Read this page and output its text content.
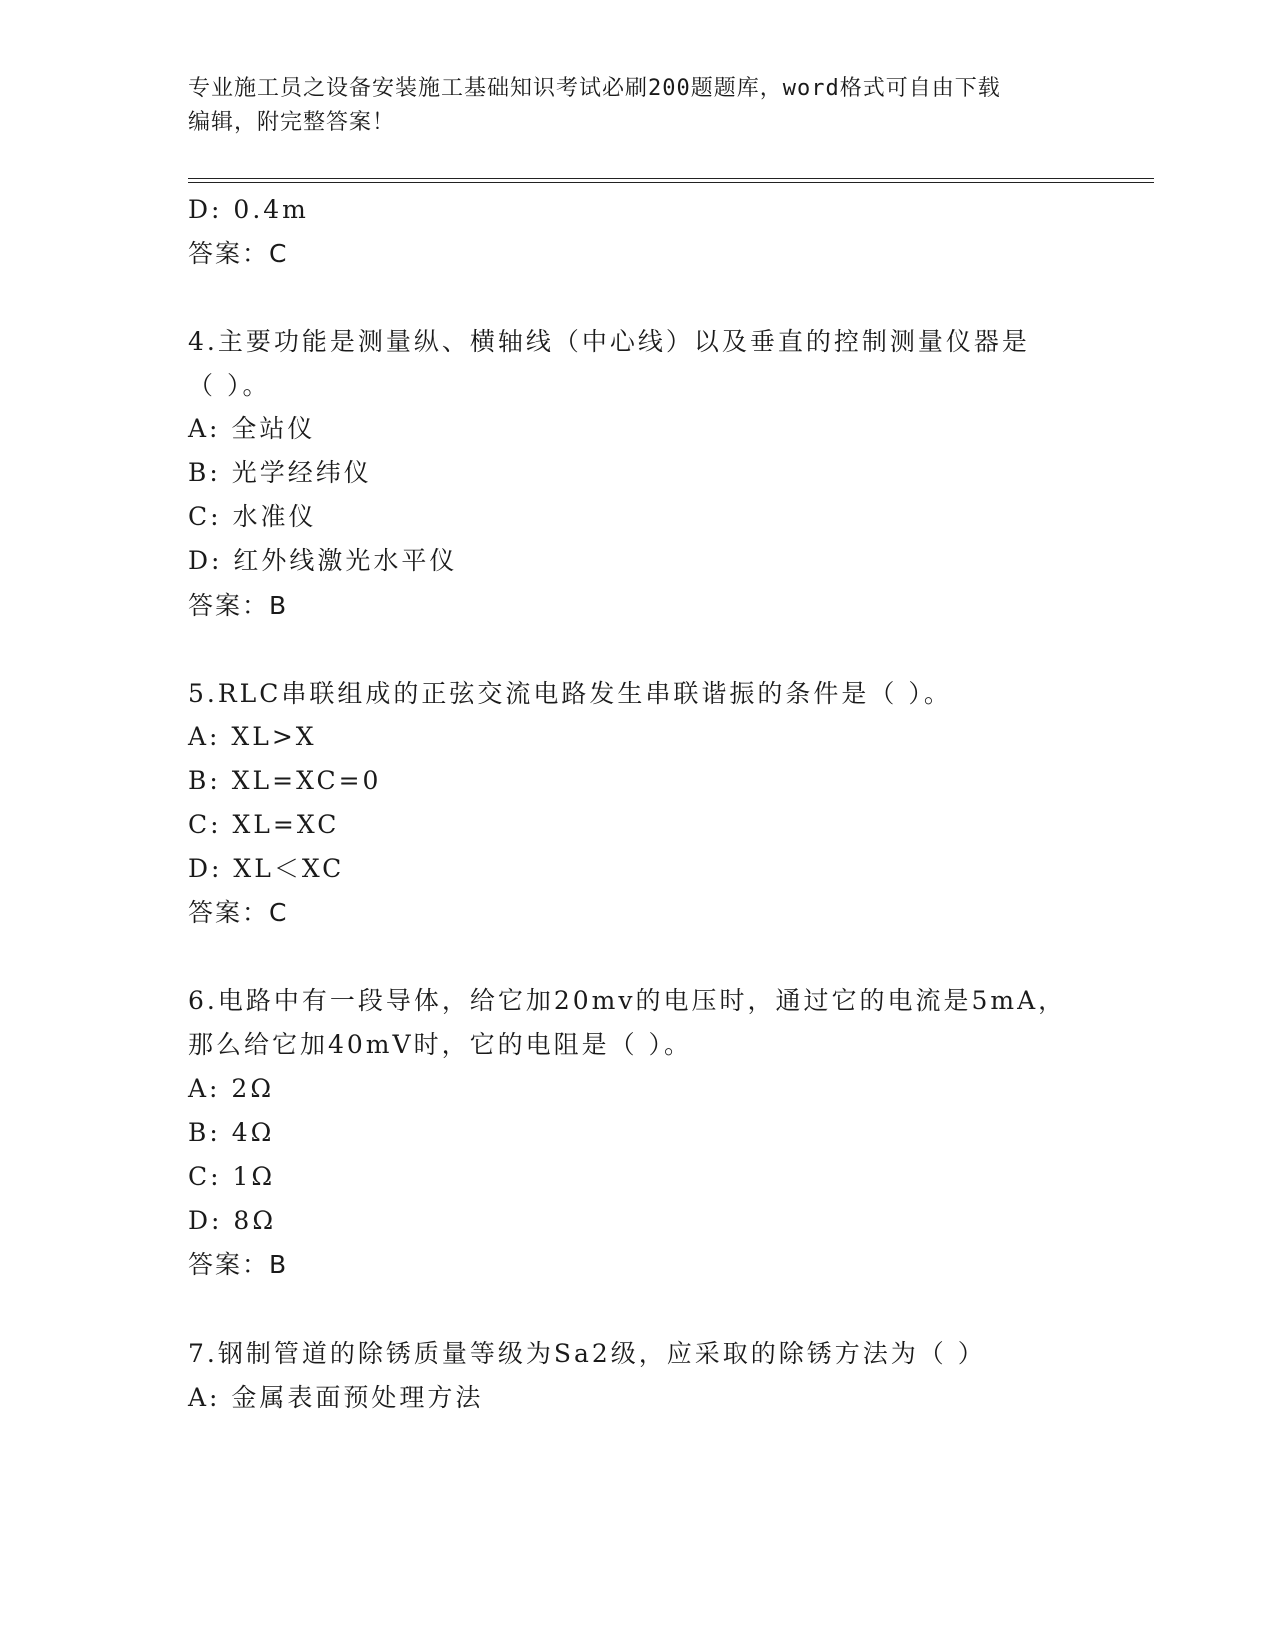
专业施工员之设备安装施工基础知识考试必刷200题题库，word格式可自由下载
编辑，附完整答案！
D: 0.4m
答案：C
4.主要功能是测量纵、横轴线（中心线）以及垂直的控制测量仪器是
（ ）。
A: 全站仪
B: 光学经纬仪
C: 水准仪
D: 红外线激光水平仪
答案：B
5.RLC串联组成的正弦交流电路发生串联谐振的条件是（ ）。
A: XL>X
B: XL=XC=0
C: XL=XC
D: XL＜XC
答案：C
6.电路中有一段导体，给它加20mv的电压时，通过它的电流是5mA，
那么给它加40mV时，它的电阻是（ ）。
A: 2Ω
B: 4Ω
C: 1Ω
D: 8Ω
答案：B
7.钢制管道的除锈质量等级为Sa2级，应采取的除锈方法为（ ）
A: 金属表面预处理方法
